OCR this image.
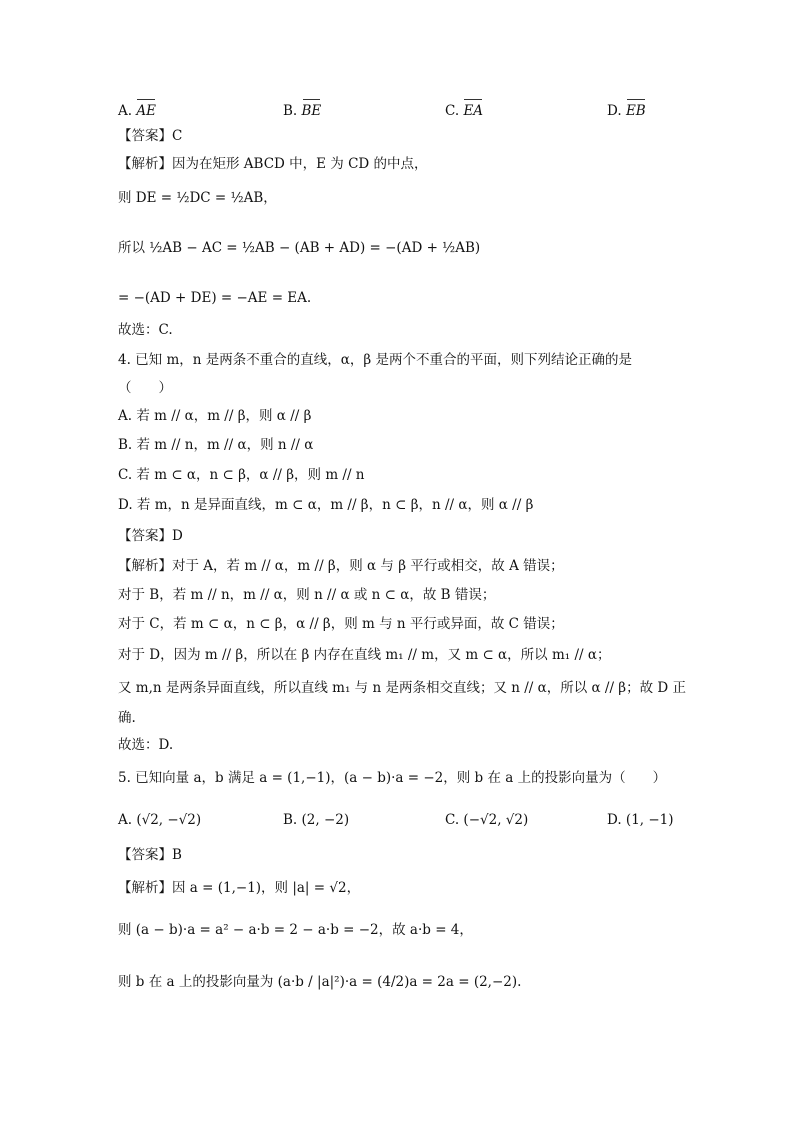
A. AE	B. BE	C. EA	D. EB
【答案】C
【解析】因为在矩形 ABCD 中，E 为 CD 的中点，
则 DE = ½DC = ½AB，
所以 ½AB − AC = ½AB − (AB + AD) = −(AD + ½AB)
= −(AD + DE) = −AE = EA.
故选：C.
4. 已知 m，n 是两条不重合的直线，α，β 是两个不重合的平面，则下列结论正确的是
（　　）
A. 若 m // α，m // β，则 α // β
B. 若 m // n，m // α，则 n // α
C. 若 m ⊂ α，n ⊂ β，α // β，则 m // n
D. 若 m，n 是异面直线，m ⊂ α，m // β，n ⊂ β，n // α，则 α // β
【答案】D
【解析】对于 A，若 m // α，m // β，则 α 与 β 平行或相交，故 A 错误；
对于 B，若 m // n，m // α，则 n // α 或 n ⊂ α，故 B 错误；
对于 C，若 m ⊂ α，n ⊂ β，α // β，则 m 与 n 平行或异面，故 C 错误；
对于 D，因为 m // β，所以在 β 内存在直线 m₁ // m，又 m ⊂ α，所以 m₁ // α；
又 m,n 是两条异面直线，所以直线 m₁ 与 n 是两条相交直线；又 n // α，所以 α // β；故 D 正
确.
故选：D.
5. 已知向量 a，b 满足 a = (1,−1)，(a − b)·a = −2，则 b 在 a 上的投影向量为（　　）
A. (√2, −√2)	B. (2, −2)	C. (−√2, √2)	D. (1, −1)
【答案】B
【解析】因 a = (1,−1)，则 |a| = √2，
则 (a − b)·a = a² − a·b = 2 − a·b = −2，故 a·b = 4，
则 b 在 a 上的投影向量为 (a·b / |a|²)·a = (4/2)a = 2a = (2,−2).
